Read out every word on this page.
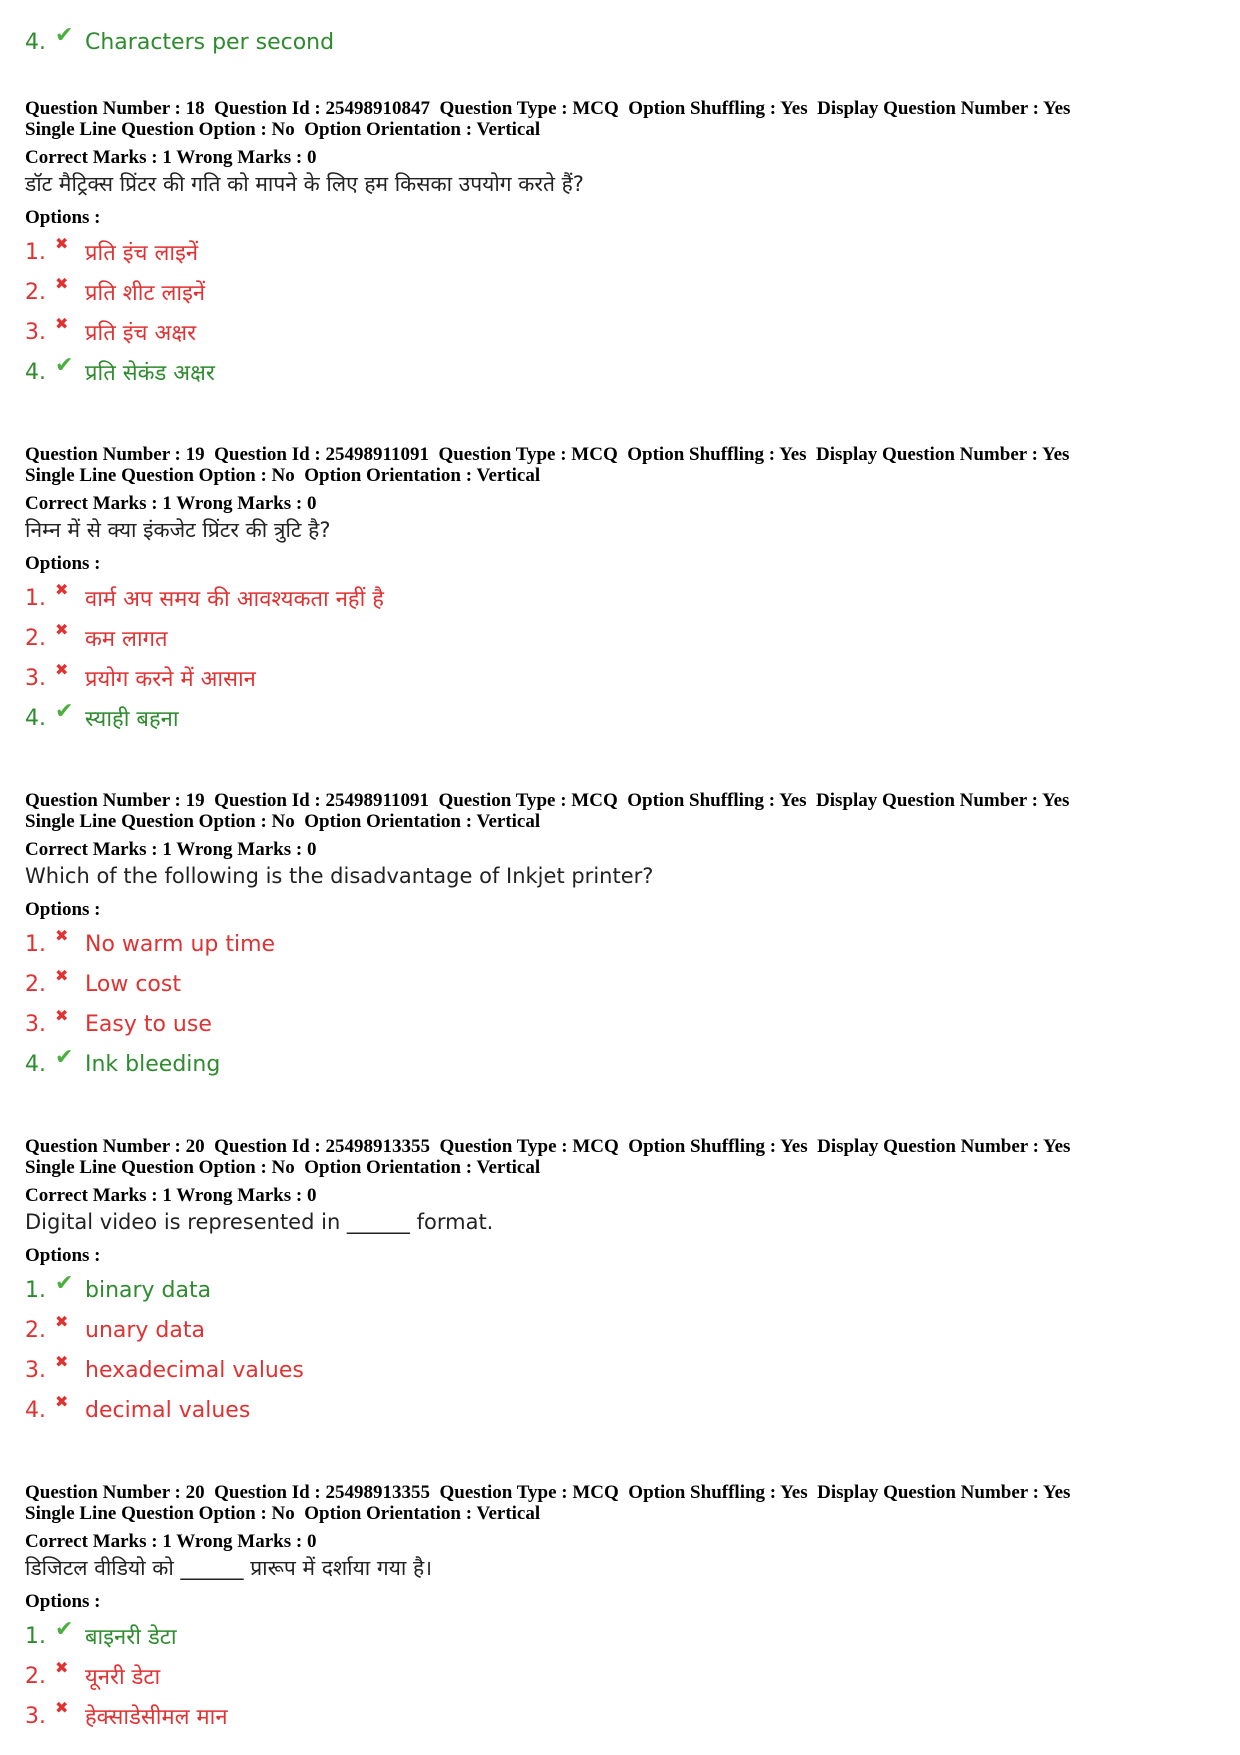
4. ✔ Characters per second
Question Number : 18  Question Id : 25498910847  Question Type : MCQ  Option Shuffling : Yes  Display Question Number : Yes
Single Line Question Option : No  Option Orientation : Vertical
Correct Marks : 1 Wrong Marks : 0
डॉट मैट्रिक्स प्रिंटर की गति को मापने के लिए हम किसका उपयोग करते हैं?
Options :
1. ✖ प्रति इंच लाइनें
2. ✖ प्रति शीट लाइनें
3. ✖ प्रति इंच अक्षर
4. ✔ प्रति सेकंड अक्षर
Question Number : 19  Question Id : 25498911091  Question Type : MCQ  Option Shuffling : Yes  Display Question Number : Yes
Single Line Question Option : No  Option Orientation : Vertical
Correct Marks : 1 Wrong Marks : 0
निम्न में से क्या इंकजेट प्रिंटर की त्रुटि है?
Options :
1. ✖ वार्म अप समय की आवश्यकता नहीं है
2. ✖ कम लागत
3. ✖ प्रयोग करने में आसान
4. ✔ स्याही बहना
Question Number : 19  Question Id : 25498911091  Question Type : MCQ  Option Shuffling : Yes  Display Question Number : Yes
Single Line Question Option : No  Option Orientation : Vertical
Correct Marks : 1 Wrong Marks : 0
Which of the following is the disadvantage of Inkjet printer?
Options :
1. ✖ No warm up time
2. ✖ Low cost
3. ✖ Easy to use
4. ✔ Ink bleeding
Question Number : 20  Question Id : 25498913355  Question Type : MCQ  Option Shuffling : Yes  Display Question Number : Yes
Single Line Question Option : No  Option Orientation : Vertical
Correct Marks : 1 Wrong Marks : 0
Digital video is represented in ______ format.
Options :
1. ✔ binary data
2. ✖ unary data
3. ✖ hexadecimal values
4. ✖ decimal values
Question Number : 20  Question Id : 25498913355  Question Type : MCQ  Option Shuffling : Yes  Display Question Number : Yes
Single Line Question Option : No  Option Orientation : Vertical
Correct Marks : 1 Wrong Marks : 0
डिजिटल वीडियो को ______ प्रारूप में दर्शाया गया है।
Options :
1. ✔ बाइनरी डेटा
2. ✖ यूनरी डेटा
3. ✖ हेक्साडेसीमल मान
